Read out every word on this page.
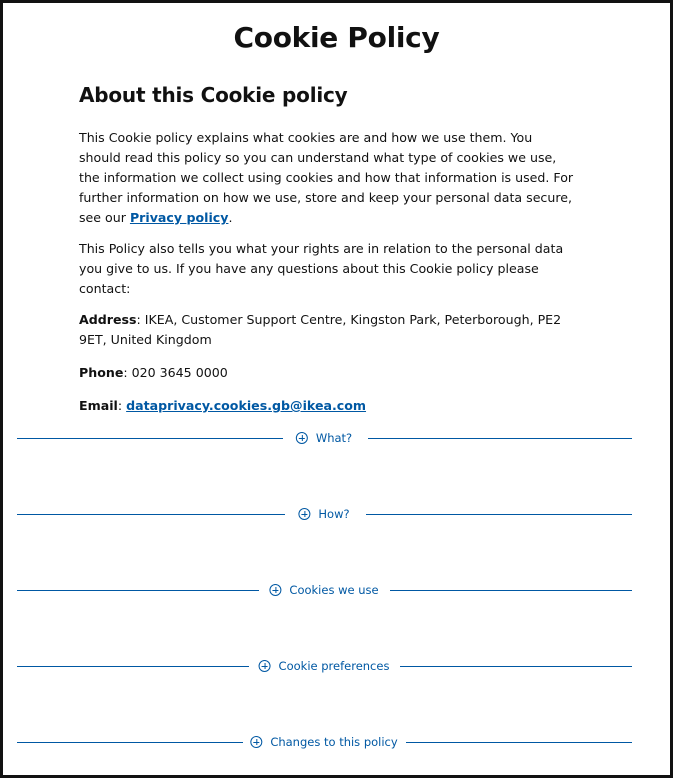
Cookie Policy
About this Cookie policy

This Cookie policy explains what cookies are and how we use them. You should read this policy so you can understand what type of cookies we use, the information we collect using cookies and how that information is used. For further information on how we use, store and keep your personal data secure, see our Privacy policy.

This Policy also tells you what your rights are in relation to the personal data you give to us. If you have any questions about this Cookie policy please contact:

Address: IKEA, Customer Support Centre, Kingston Park, Peterborough, PE2 9ET, United Kingdom

Phone: 020 3645 0000

Email: dataprivacy.cookies.gb@ikea.com

What?
How?
Cookies we use
Cookie preferences
Changes to this policy
